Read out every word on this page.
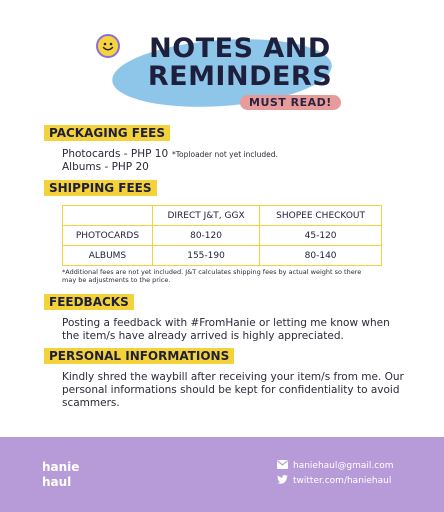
NOTES AND
REMINDERS
MUST READ!
PACKAGING FEES
Photocards - PHP 10
Albums - PHP 20
*Toploader not yet included.
SHIPPING FEES
	DIRECT J&T, GGX	SHOPEE CHECKOUT
PHOTOCARDS	80-120	45-120
ALBUMS	155-190	80-140
*Additional fees are not yet included. J&T calculates shipping fees by actual weight so there
may be adjustments to the price.
FEEDBACKS
Posting a feedback with #FromHanie or letting me know when
the item/s have already arrived is highly appreciated.
PERSONAL INFORMATIONS
Kindly shred the waybill after receiving your item/s from me. Our
personal informations should be kept for confidentiality to avoid
scammers.
hanie
haul
haniehaul@gmail.com
twitter.com/haniehaul
